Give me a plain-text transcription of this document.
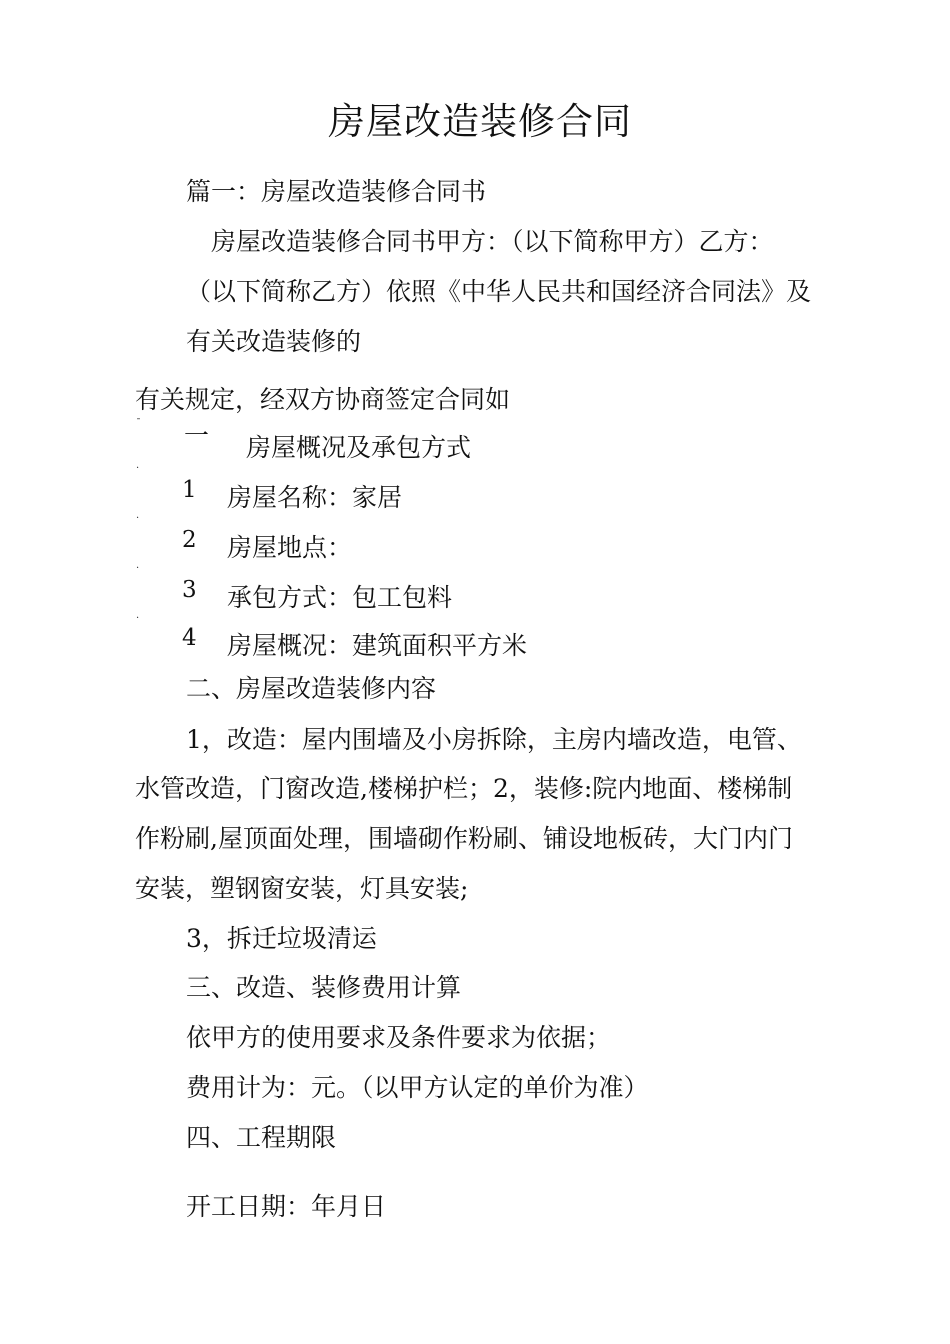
房屋改造装修合同
篇一：房屋改造装修合同书
房屋改造装修合同书甲方：（以下简称甲方）乙方：
（以下简称乙方）依照《中华人民共和国经济合同法》及
有关改造装修的
有关规定，经双方协商签定合同如
¯ 一 房屋概况及承包方式
·
1 房屋名称：家居
·
2 房屋地点：
·
3 承包方式：包工包料
·
4 房屋概况：建筑面积平方米
二、房屋改造装修内容
1，改造：屋内围墙及小房拆除，主房内墙改造，电管、
水管改造，门窗改造,楼梯护栏；2，装修:院内地面、楼梯制
作粉刷,屋顶面处理，围墙砌作粉刷、铺设地板砖，大门内门
安装，塑钢窗安装，灯具安装;
3，拆迁垃圾清运
三、改造、装修费用计算
依甲方的使用要求及条件要求为依据；
费用计为：元。（以甲方认定的单价为准）
四、工程期限
开工日期：年月日
